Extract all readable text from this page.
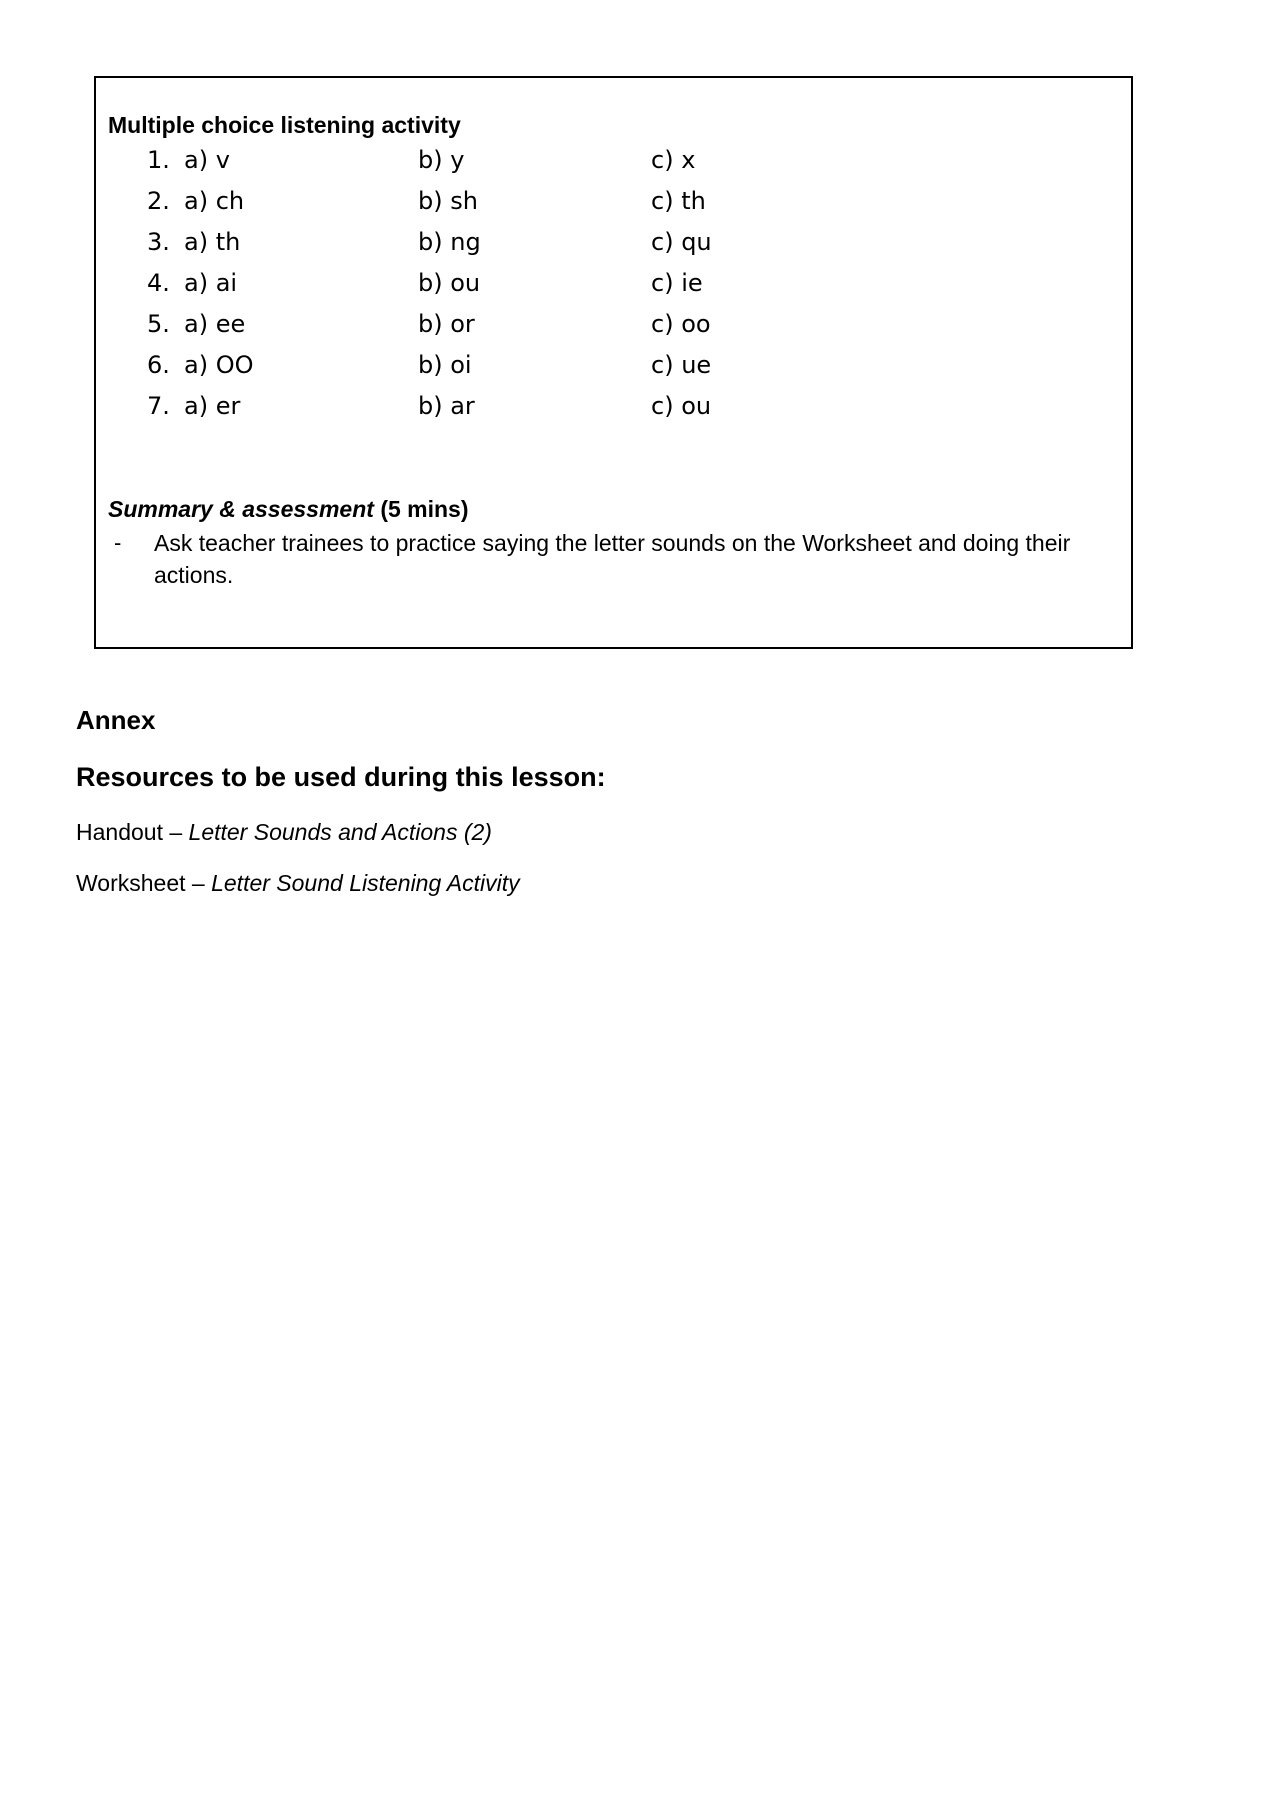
Multiple choice listening activity
1. a) v	b) y	c) x
2. a) ch	b) sh	c) th
3. a) th	b) ng	c) qu
4. a) ai	b) ou	c) ie
5. a) ee	b) or	c) oo
6. a) OO	b) oi	c) ue
7. a) er	b) ar	c) ou
Summary & assessment (5 mins)
- Ask teacher trainees to practice saying the letter sounds on the Worksheet and doing their actions.
Annex
Resources to be used during this lesson:
Handout – Letter Sounds and Actions (2)
Worksheet – Letter Sound Listening Activity
